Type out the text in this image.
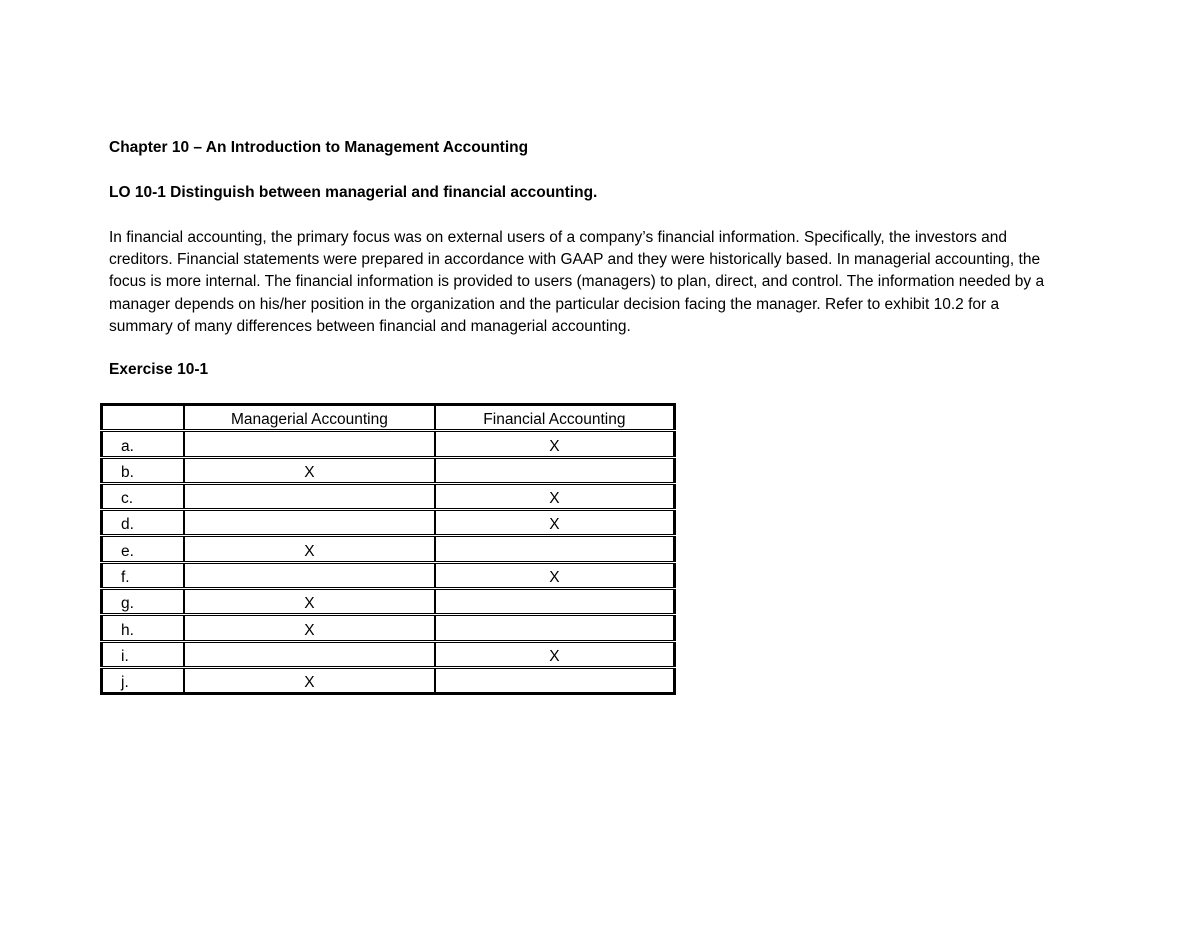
Chapter 10 – An Introduction to Management Accounting
LO 10-1 Distinguish between managerial and financial accounting.
In financial accounting, the primary focus was on external users of a company’s financial information. Specifically, the investors and
creditors. Financial statements were prepared in accordance with GAAP and they were historically based. In managerial accounting, the
focus is more internal. The financial information is provided to users (managers) to plan, direct, and control. The information needed by a
manager depends on his/her position in the organization and the particular decision facing the manager. Refer to exhibit 10.2 for a
summary of many differences between financial and managerial accounting.
Exercise 10-1
	Managerial Accounting	Financial Accounting
a.		X
b.	X	
c.		X
d.		X
e.	X	
f.		X
g.	X	
h.	X	
i.		X
j.	X	
